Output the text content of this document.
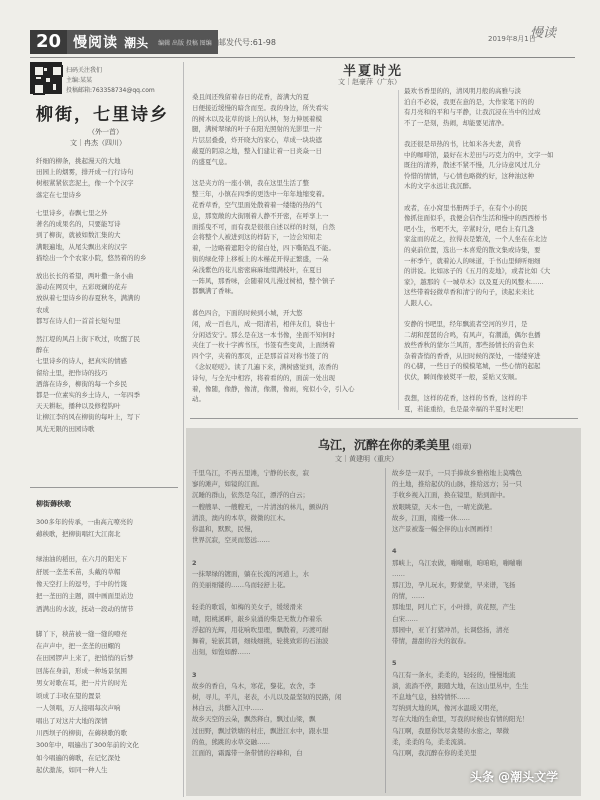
20 慢阅读 潮头 编辑 出版 投稿 图编 邮发代号:61-98	2019年8月1日
慢读
扫码关注我们
主编:某某
投稿邮箱:763358734@qq.com
柳街，七里诗乡
（外一首）
文｜冉杰（四川）
纤细的柳条，挑起漫天的大地
田园上的烟雾，排开成一行行诗句
树根紧紧依恋泥土，像一个个汉字
落定在七里诗乡
七里诗乡，春飘七里之外
著名的成果名的，只要能写诗
到了柳街，就被如数汇集的大
满眼遍地，从尾尖飘出来的汉字
描绘出一个个农家小院，悠然着的的乡
放出长长的希望，两叶撒一条小曲
游动在网页中，五彩斑斓的花卉
放纵着七里诗乡的春夏秋冬，满满的
农成
都写在诗人们一首首长短句里
然江堤的风吕上街下吹过，吹醒了民
醉在
七里诗乡的诗人，把真实的情感
留给土里，把作诗的技巧
洒落在诗乡，柳街的每一个乡民
都是一位素实的乡土诗人，一年四季
天天耕耘，播种以及修程钩叶
让柳江李的风在柳街的每叶上，写下
风光无限的田园诗歌
柳街薅秧歌
300多年的传承，一曲高亢嘹亮的
薅秧歌，把柳街唱红大江南北

绿油油的稻田，在六月的阳光下
舒展一垄垄禾苗，头戴的草帽
像天空打上的逗号，手中的竹篾
把一垄田的主题，圆中画面里站边
洒满出的水波，抚动一段动的情节

脚丫下，秧苗被一缝一缝的嘹亮
在声声中，把一垄垄的田螺的
在田园锣声上来了，把悄悄的后梦
回荡在身前，形成一种场景氛围
男女对歌在耳，把一片片的时光
顷成了丰收在望的置景
一人领唱，万人接唱每次声响
唱出了对这片大地的深情
川西坝子的柳街，在薅秧歌的歌
300年中，唱遍出了300年前的文化
如今唱遍的薅歌，在记忆深处
起伏激荡，如同一种人生
半夏时光
文｜赵豪萍（广东）
桑且间还残留着春日的花香，蔷满大的夏
日便接近缓慢的暗含而至。我的身边，所失看实
的树木以及花草的谈上的认林，努力伸展着模
腿，满树翠绿的叶子在阳光照射的光影里一片
片层层叠叠，炸开晓大的家心，草成一块块遮
蔽夏的阴凉之地，整入们建让着一日炎焱一日
的盛夏气息。

这是夹方的一座小镇，我在这里生活了整
整三年，小镇在四季的更迭中一年年地缩变着。
花香草香，空气里面处散着着一缕缕的热的气
息，那宽敞的大街刚着人静不开密，在呼享上一
面摇曳不可，而有我是很很自述以样的时刻，自然
会将整个人被进到这的样防下，一边会知知走
着，一边略着遮阳令的留白处，四下嘶陷乱不能。
街的绿化带上移板上的木槿花开得正繁盛，一朵
朵浅紫色的花儿密密麻麻地缀满枝叶，在夏日
一阵风，那香味，会随着风儿漫过树梢，整个镇子
都飘满了香味。

暮色四合，下面的时候到小城，开大悠
闲，成一百也儿，成一阳清若，相伴友们，骑也十
分闲适安宁。那么是在这一本书像，坐面不知何时
夹住了一枚十字裤书压，书签有些变黄，上面绣着
四个字，夹着的那页，正是那首首对称书签了的
《念奴嗟嗟》。读了几遍下来，满树感觉到，浓香的
诗句，与全光中相容，将着看的的，面前一处出现
着，像随，像静，像清，像潮，像雨，宛似小令，引入心
动。
最欢书香里的的，清风明月般的高雅与淡
泊自不必说，我更在意的是，大作家笔下的的
有月亮和的平和与平静，让我沉浸在当中的过成
不了一是刻，热闹，却能要见清净。

我还很是昂热的书，比如米各夫妻，黄昏
中的咖啡馆，最好在木差田与巧克力的中，文字一如
既往的清养，散述不紧不慢，几分诗意风过几分
怜惜的情情，与心情也略微约好，这种油这种
木的文字永远让我沉醉。

或者，在小窝里书册两手子，在有个小的民
像抓住面似乎，我便会信作生活和慢中的西西桥书
吧小生，书吧不大，辛紧时分，吧台上有几盏
家盆而的花之，拉得表是繁茂，一个人坐在在北边
的桌前位置，选出一本喜爱的散文集或诗集，要
一杯季午，就着沁人的味道，于书山里倾听细细
的讲说。比如冰子的《五月的麦地》，或者比如《大
家》，越那的《一城草木》以及夏天的风整木……
这些带着轻微草香和清宁的句子，读起来来比
人跟人心。

安静的书吧里，经年飘流者空河的岁月，是
二胡和琵琶的合鸣，有风声，有潮涌，偶尔也播
放些香秋的蒙尔兰风笛，那些扬情长的音色来
杂着杳悄的香香，从旧时候的深处，一缕缕穿进
的心脚，一些日子的模模笔城，一些心情的起起
伏伏，瞬间像被熨平一般，妥贴又安顺。

我想，这样的花香，这样的书香，这样的半
夏，若能重拾，也是最幸福的半夏时光吧！
乌江，沉醉在你的柔美里 (组章)
文｜黄建明（重庆）
千里乌江，不再五里滩，宁静的长夜，寂
寥的滩声，如镜的江面。
沉睡的群山，依然是乌江，漂浮的白云；
一艘艘旱、一艘艘无，一片清浊的林儿，颤纵的
清浪，澳内的本草，微微的江木。
你温和，默默，民慢，
世界沉寂，空灵而悠远……

2
一抹翠绿的镀面，躺在长流的河道上，水
的美丽细镂的……乌而轻舒上花。

轻柔的歌谣，如梅的美女子，缓缓滑来
晴，阳桃溪畔，敲乡泉涌的柴是无数力作着乐
浮起的光辉，用花响吹里理，飘散着，巧渡可耐
舞着，轮嵌其谓，细线细挑，轮挑致彩的石油波
出刻，如饱如醉……

3
故乡的香自，乌木，寒花，黎花，农舍，李
树，寻儿，平儿，老表，小儿以及最坚韧的民路，闲
林白云，共醉入江中……
故乡天空的云朵，飘然释白，飘过山梁，飘
过田野，飘过铁塘的村庄，飘进江水中，跟水里
的鱼，熊跳的水草交融……
江面的，霜露带一条带情的谷峰和，白
故乡是一双手，一只手捧故乡雅格地上莫嘴色
的土地，推给起伏的山脉，推给远方；另一只
手收乡视入江面，换在镜里，贴到面中。
放眼眺望，天木一色，一晴光潋滟。
故乡，江面，南楼一休……
这产景被鉴一幅全伴的山水图画样！

4
那峡上，乌江农做，嘣嘣嘣，咱咱咱，嘣嘣嘣
……
那江边，孕儿玩水，野蒙蒙，早来谱，飞扬
的情，……
那地里，阿儿亡下，小叶排，黄花照，产生
白宋……
那园中，亚丫打猪冲吊，长调悠扬，清亮
带情，甜甜的谷夫的叙春。

5
乌江有一条水，柔柔的，轻轻的，慢慢地流
淌，流淌不停，跟随大地，在这山里丛中，生生
不息地气息，独特情怀……
写纳到大地的风，像河水温暖又明亮，
写在大地的生命里，写我的时候也有情的阳光！
乌江啊，我愿你饮尽贪婪的水密之，翠微
柔，柔柔的乌，柔柔流淌。
乌江啊，我沉醉在你的柔美里
头条 @潮头文学
